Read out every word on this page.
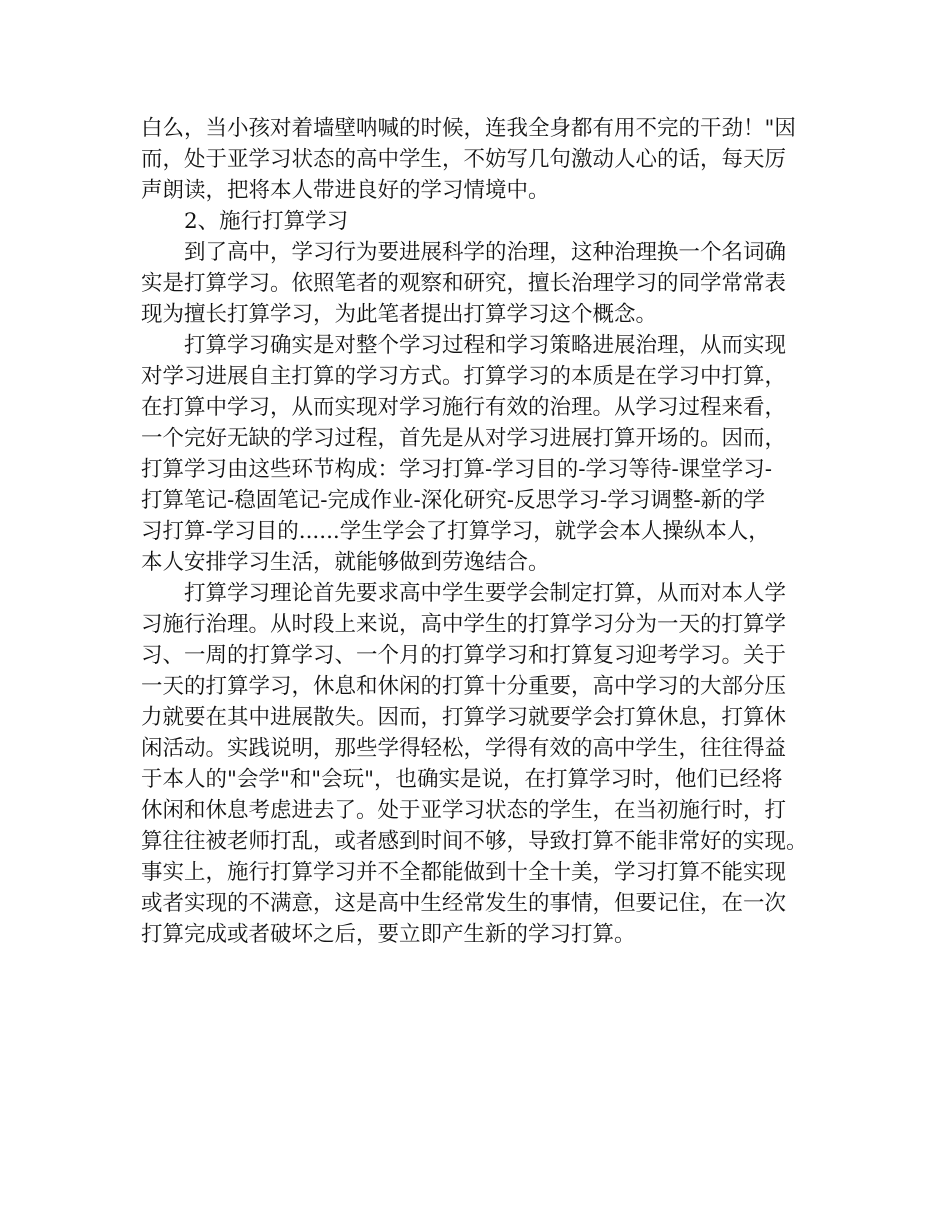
白么，当小孩对着墙壁呐喊的时候，连我全身都有用不完的干劲！"因

而，处于亚学习状态的高中学生，不妨写几句激动人心的话，每天厉

声朗读，把将本人带进良好的学习情境中。

2、施行打算学习

到了高中，学习行为要进展科学的治理，这种治理换一个名词确

实是打算学习。依照笔者的观察和研究，擅长治理学习的同学常常表

现为擅长打算学习，为此笔者提出打算学习这个概念。

打算学习确实是对整个学习过程和学习策略进展治理，从而实现

对学习进展自主打算的学习方式。打算学习的本质是在学习中打算，

在打算中学习，从而实现对学习施行有效的治理。从学习过程来看，

一个完好无缺的学习过程，首先是从对学习进展打算开场的。因而，

打算学习由这些环节构成：学习打算-学习目的-学习等待-课堂学习-

打算笔记-稳固笔记-完成作业-深化研究-反思学习-学习调整-新的学

习打算-学习目的......学生学会了打算学习，就学会本人操纵本人，

本人安排学习生活，就能够做到劳逸结合。

打算学习理论首先要求高中学生要学会制定打算，从而对本人学

习施行治理。从时段上来说，高中学生的打算学习分为一天的打算学

习、一周的打算学习、一个月的打算学习和打算复习迎考学习。关于

一天的打算学习，休息和休闲的打算十分重要，高中学习的大部分压

力就要在其中进展散失。因而，打算学习就要学会打算休息，打算休

闲活动。实践说明，那些学得轻松，学得有效的高中学生，往往得益

于本人的"会学"和"会玩"，也确实是说，在打算学习时，他们已经将

休闲和休息考虑进去了。处于亚学习状态的学生，在当初施行时，打

算往往被老师打乱，或者感到时间不够，导致打算不能非常好的实现。

事实上，施行打算学习并不全都能做到十全十美，学习打算不能实现

或者实现的不满意，这是高中生经常发生的事情，但要记住，在一次

打算完成或者破坏之后，要立即产生新的学习打算。
